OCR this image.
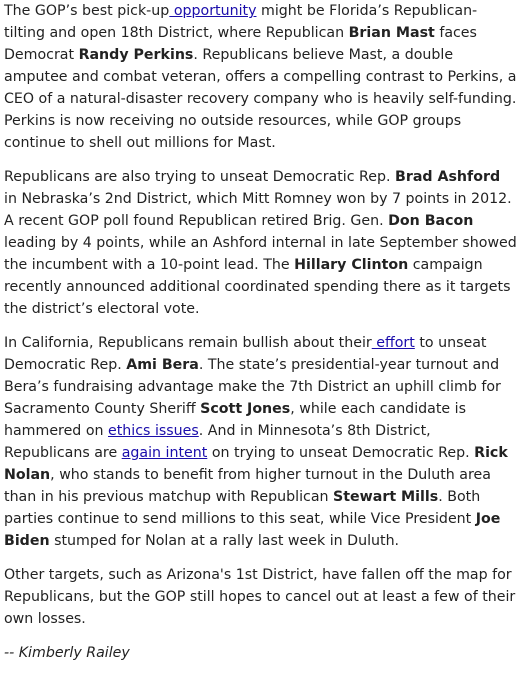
The GOP’s best pick-up opportunity might be Florida’s Republican-tilting and open 18th District, where Republican Brian Mast faces Democrat Randy Perkins. Republicans believe Mast, a double amputee and combat veteran, offers a compelling contrast to Perkins, a CEO of a natural-disaster recovery company who is heavily self-funding. Perkins is now receiving no outside resources, while GOP groups continue to shell out millions for Mast.

Republicans are also trying to unseat Democratic Rep. Brad Ashford in Nebraska’s 2nd District, which Mitt Romney won by 7 points in 2012. A recent GOP poll found Republican retired Brig. Gen. Don Bacon leading by 4 points, while an Ashford internal in late September showed the incumbent with a 10-point lead. The Hillary Clinton campaign recently announced additional coordinated spending there as it targets the district’s electoral vote.

In California, Republicans remain bullish about their effort to unseat Democratic Rep. Ami Bera. The state’s presidential-year turnout and Bera’s fundraising advantage make the 7th District an uphill climb for Sacramento County Sheriff Scott Jones, while each candidate is hammered on ethics issues. And in Minnesota’s 8th District, Republicans are again intent on trying to unseat Democratic Rep. Rick Nolan, who stands to benefit from higher turnout in the Duluth area than in his previous matchup with Republican Stewart Mills. Both parties continue to send millions to this seat, while Vice President Joe Biden stumped for Nolan at a rally last week in Duluth.

Other targets, such as Arizona's 1st District, have fallen off the map for Republicans, but the GOP still hopes to cancel out at least a few of their own losses.

-- Kimberly Railey
